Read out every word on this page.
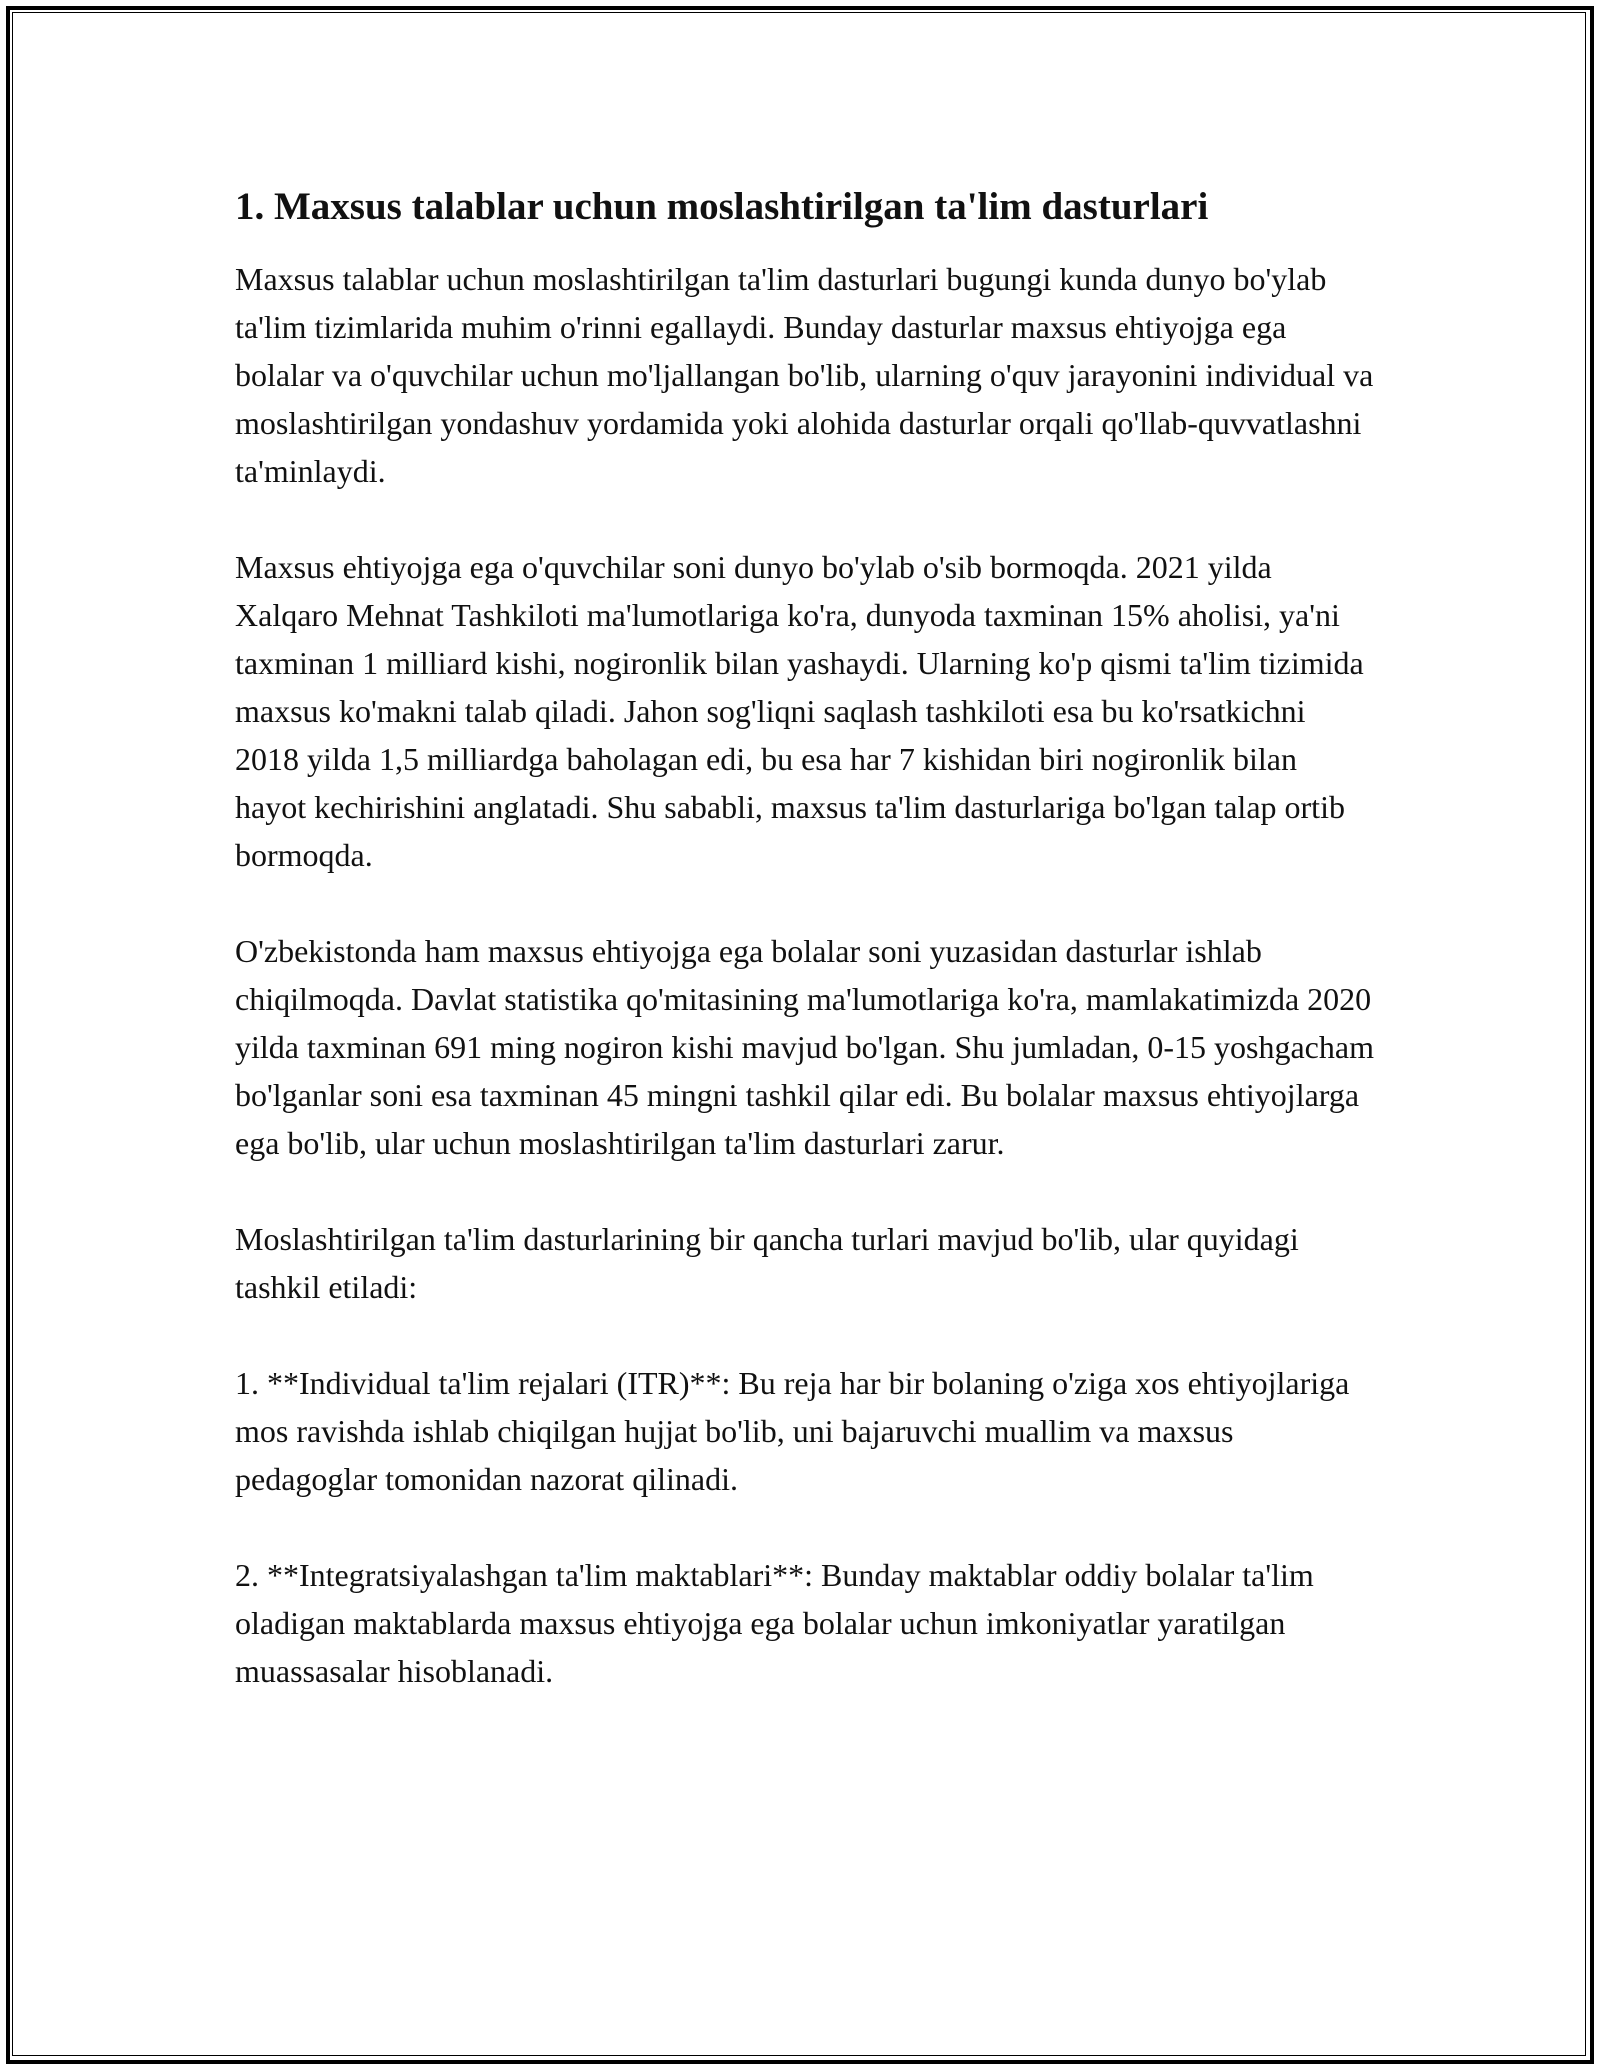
1. Maxsus talablar uchun moslashtirilgan ta'lim dasturlari

Maxsus talablar uchun moslashtirilgan ta'lim dasturlari bugungi kunda dunyo bo'ylab ta'lim tizimlarida muhim o'rinni egallaydi. Bunday dasturlar maxsus ehtiyojga ega bolalar va o'quvchilar uchun mo'ljallangan bo'lib, ularning o'quv jarayonini individual va moslashtirilgan yondashuv yordamida yoki alohida dasturlar orqali qo'llab-quvvatlashni ta'minlaydi.

Maxsus ehtiyojga ega o'quvchilar soni dunyo bo'ylab o'sib bormoqda. 2021 yilda Xalqaro Mehnat Tashkiloti ma'lumotlariga ko'ra, dunyoda taxminan 15% aholisi, ya'ni taxminan 1 milliard kishi, nogironlik bilan yashaydi. Ularning ko'p qismi ta'lim tizimida maxsus ko'makni talab qiladi. Jahon sog'liqni saqlash tashkiloti esa bu ko'rsatkichni 2018 yilda 1,5 milliardga baholagan edi, bu esa har 7 kishidan biri nogironlik bilan hayot kechirishini anglatadi. Shu sababli, maxsus ta'lim dasturlariga bo'lgan talap ortib bormoqda.

O'zbekistonda ham maxsus ehtiyojga ega bolalar soni yuzasidan dasturlar ishlab chiqilmoqda. Davlat statistika qo'mitasining ma'lumotlariga ko'ra, mamlakatimizda 2020 yilda taxminan 691 ming nogiron kishi mavjud bo'lgan. Shu jumladan, 0-15 yoshgacham bo'lganlar soni esa taxminan 45 mingni tashkil qilar edi. Bu bolalar maxsus ehtiyojlarga ega bo'lib, ular uchun moslashtirilgan ta'lim dasturlari zarur.

Moslashtirilgan ta'lim dasturlarining bir qancha turlari mavjud bo'lib, ular quyidagi tashkil etiladi:

1. **Individual ta'lim rejalari (ITR)**: Bu reja har bir bolaning o'ziga xos ehtiyojlariga mos ravishda ishlab chiqilgan hujjat bo'lib, uni bajaruvchi muallim va maxsus pedagoglar tomonidan nazorat qilinadi.

2. **Integratsiyalashgan ta'lim maktablari**: Bunday maktablar oddiy bolalar ta'lim oladigan maktablarda maxsus ehtiyojga ega bolalar uchun imkoniyatlar yaratilgan muassasalar hisoblanadi.
